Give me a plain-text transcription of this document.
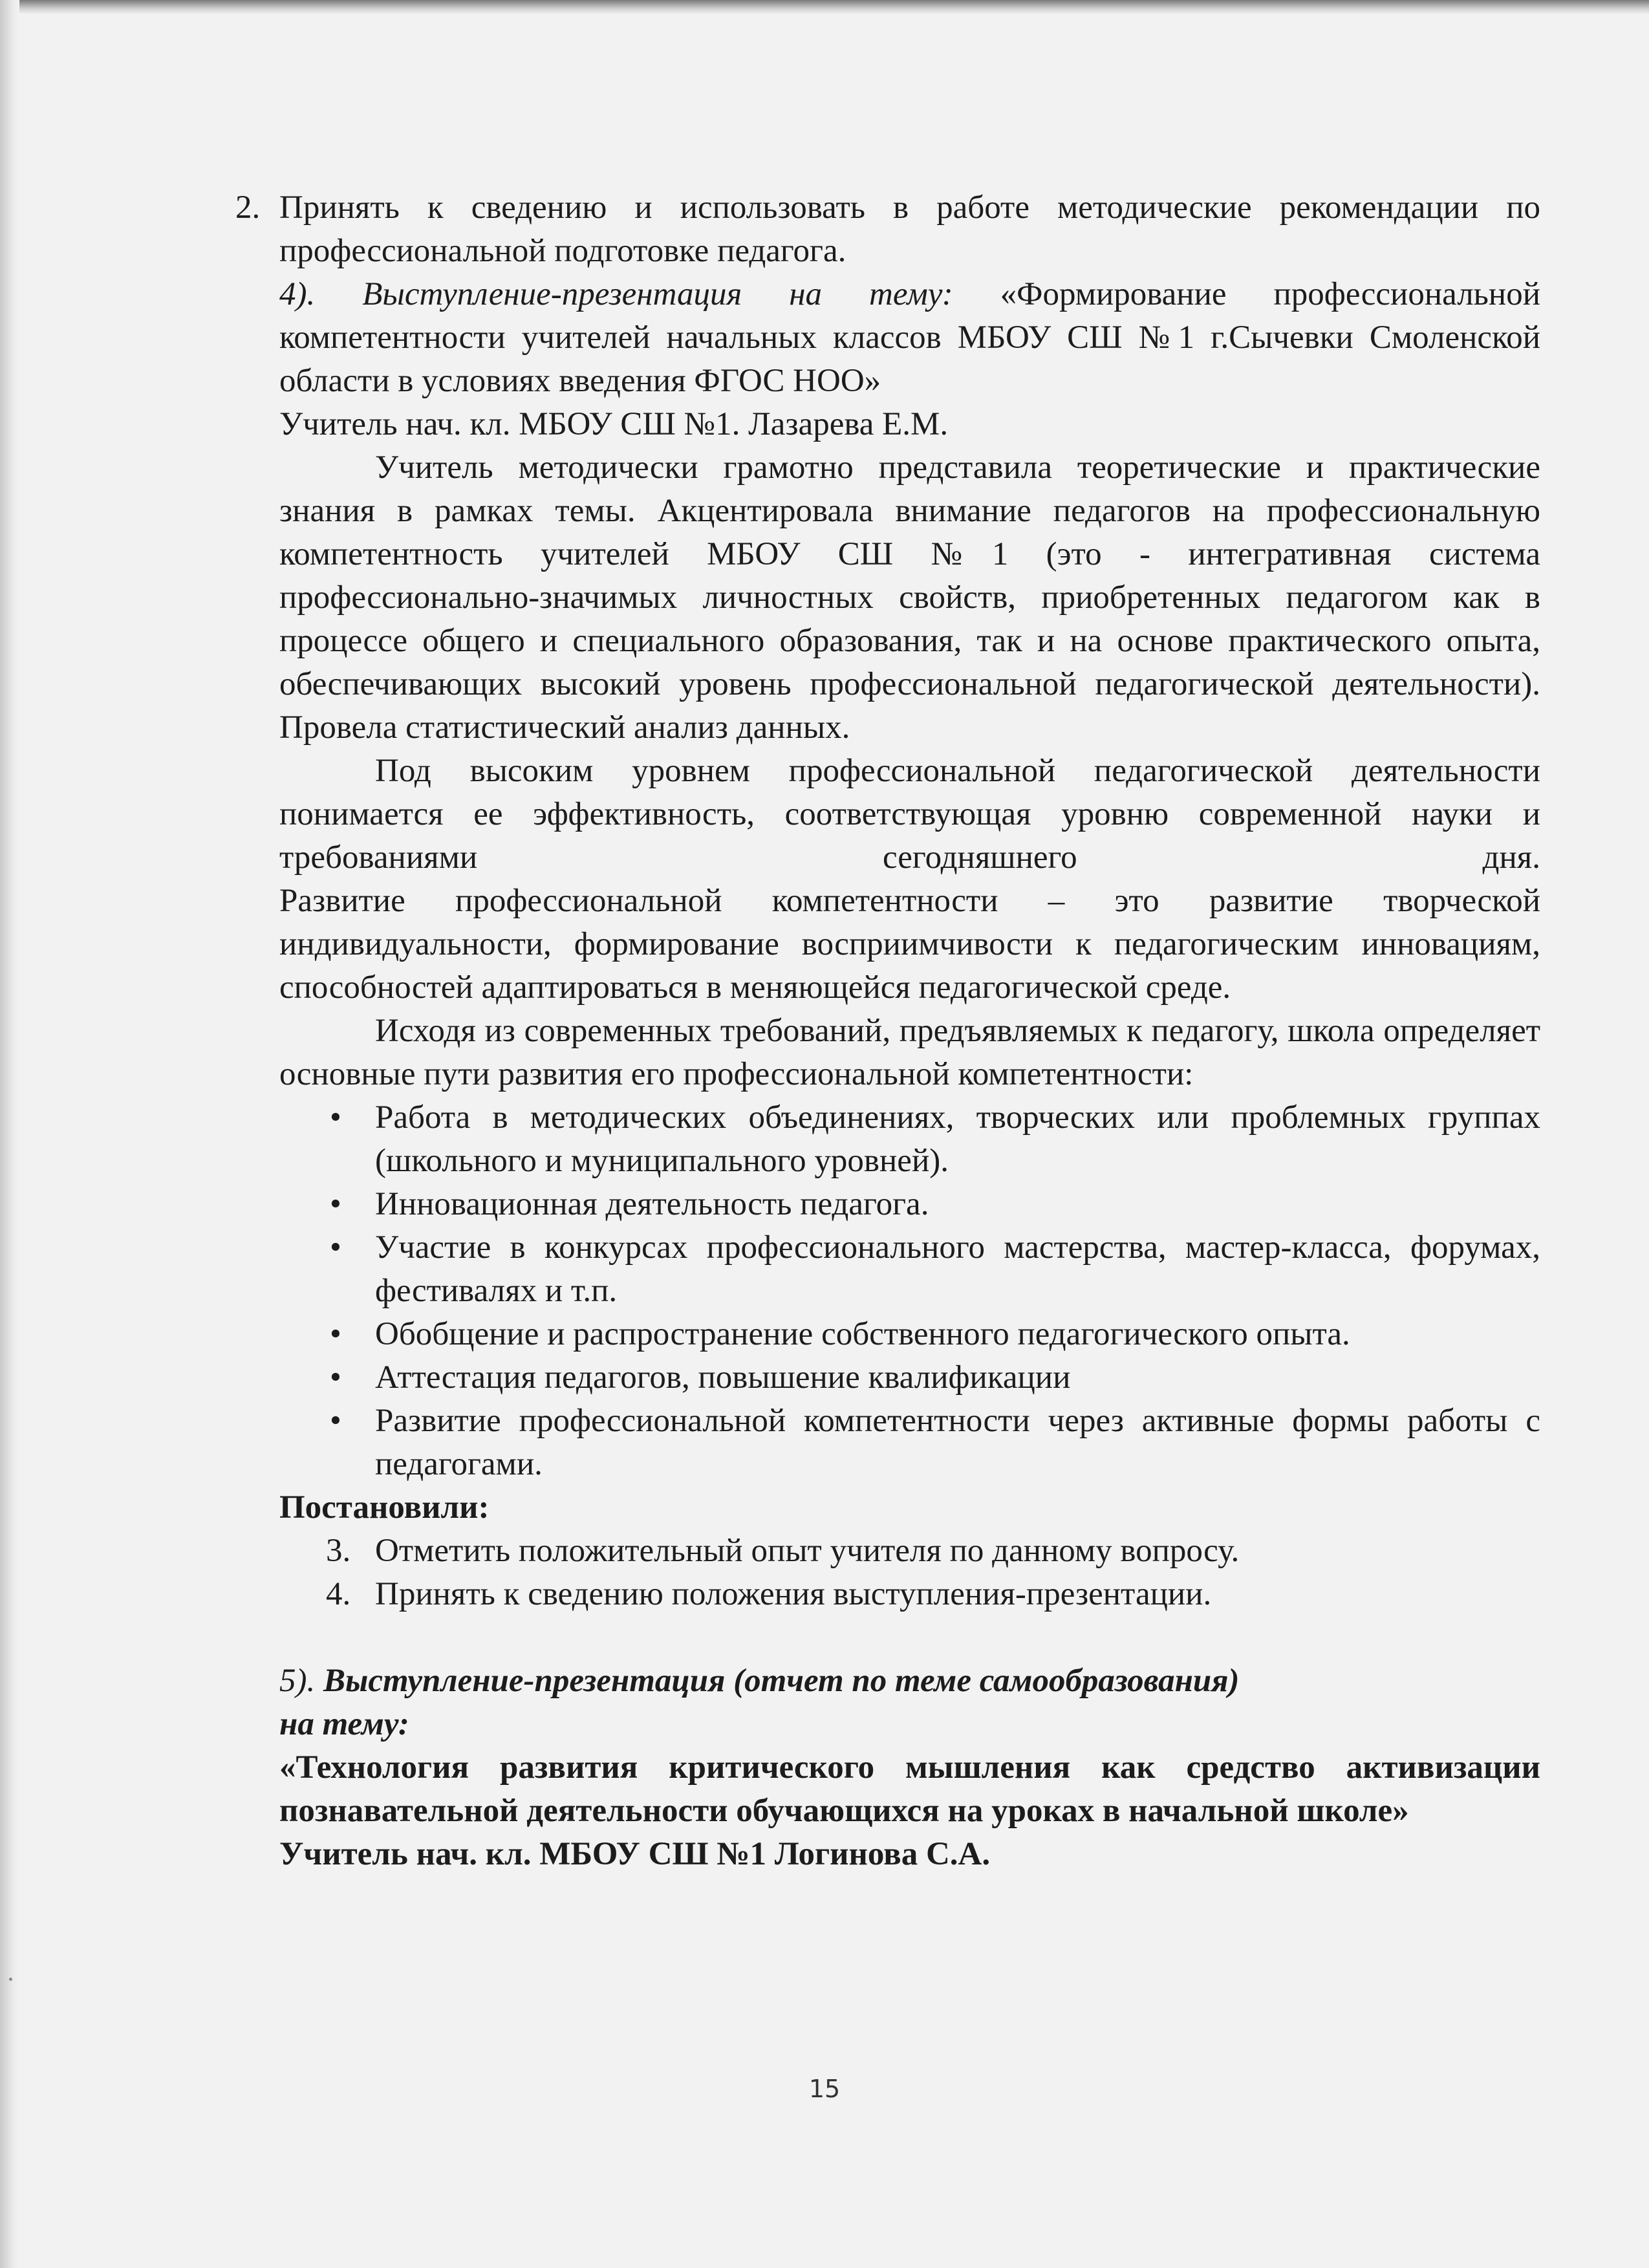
2. Принять к сведению и использовать в работе методические рекомендации по профессиональной подготовке педагога.

4). Выступление-презентация на тему: «Формирование профессиональной компетентности учителей начальных классов МБОУ СШ №1 г.Сычевки Смоленской области в условиях введения ФГОС НОО»

Учитель нач. кл. МБОУ СШ №1. Лазарева Е.М.

Учитель методически грамотно представила теоретические и практические знания в рамках темы. Акцентировала внимание педагогов на профессиональную компетентность учителей МБОУ СШ №1 (это - интегративная система профессионально-значимых личностных свойств, приобретенных педагогом как в процессе общего и специального образования, так и на основе практического опыта, обеспечивающих высокий уровень профессиональной педагогической деятельности). Провела статистический анализ данных.

Под высоким уровнем профессиональной педагогической деятельности понимается ее эффективность, соответствующая уровню современной науки и требованиями сегодняшнего дня.

Развитие профессиональной компетентности – это развитие творческой индивидуальности, формирование восприимчивости к педагогическим инновациям, способностей адаптироваться в меняющейся педагогической среде.

Исходя из современных требований, предъявляемых к педагогу, школа определяет основные пути развития его профессиональной компетентности:

• Работа в методических объединениях, творческих или проблемных группах (школьного и муниципального уровней).
• Инновационная деятельность педагога.
• Участие в конкурсах профессионального мастерства, мастер-класса, форумах, фестивалях и т.п.
• Обобщение и распространение собственного педагогического опыта.
• Аттестация педагогов, повышение квалификации
• Развитие профессиональной компетентности через активные формы работы с педагогами.

Постановили:

3. Отметить положительный опыт учителя по данному вопросу.
4. Принять к сведению положения выступления-презентации.

5). Выступление-презентация (отчет по теме самообразования)

на тему:

«Технология развития критического мышления как средство активизации познавательной деятельности обучающихся на уроках в начальной школе»

Учитель нач. кл. МБОУ СШ №1 Логинова С.А.

15
